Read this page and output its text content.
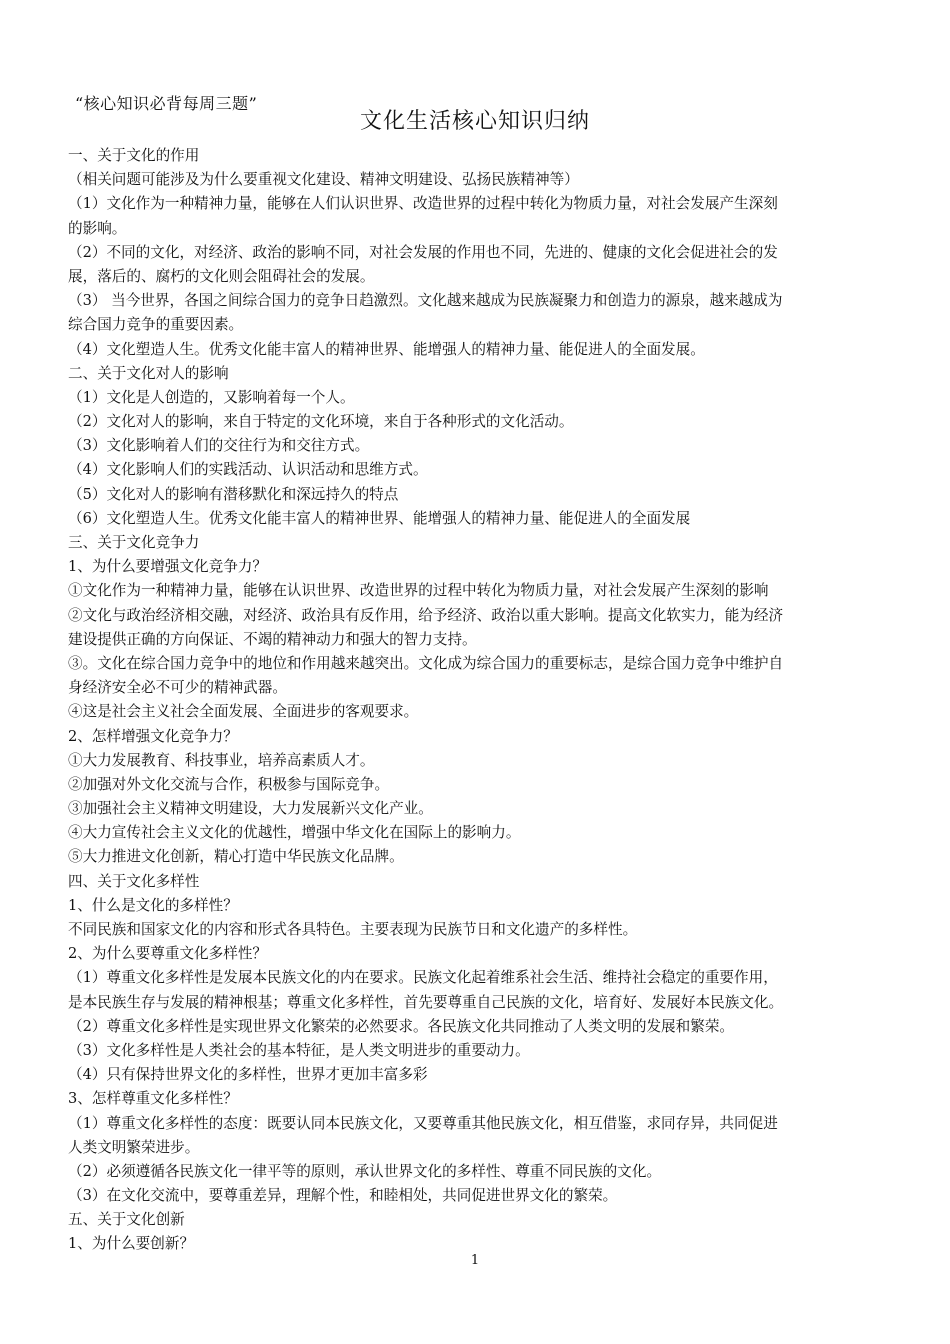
“核心知识必背每周三题”
文化生活核心知识归纳
一、关于文化的作用
（相关问题可能涉及为什么要重视文化建设、精神文明建设、弘扬民族精神等）
（1）文化作为一种精神力量，能够在人们认识世界、改造世界的过程中转化为物质力量，对社会发展产生深刻
的影响。
（2）不同的文化，对经济、政治的影响不同，对社会发展的作用也不同，先进的、健康的文化会促进社会的发
展，落后的、腐朽的文化则会阻碍社会的发展。
（3） 当今世界，各国之间综合国力的竞争日趋激烈。文化越来越成为民族凝聚力和创造力的源泉，越来越成为
综合国力竞争的重要因素。
（4）文化塑造人生。优秀文化能丰富人的精神世界、能增强人的精神力量、能促进人的全面发展。
二、关于文化对人的影响
（1）文化是人创造的，又影响着每一个人。
（2）文化对人的影响，来自于特定的文化环境，来自于各种形式的文化活动。
（3）文化影响着人们的交往行为和交往方式。
（4）文化影响人们的实践活动、认识活动和思维方式。
（5）文化对人的影响有潜移默化和深远持久的特点
（6）文化塑造人生。优秀文化能丰富人的精神世界、能增强人的精神力量、能促进人的全面发展
三、关于文化竞争力
1、为什么要增强文化竞争力？
①文化作为一种精神力量，能够在认识世界、改造世界的过程中转化为物质力量，对社会发展产生深刻的影响
②文化与政治经济相交融，对经济、政治具有反作用，给予经济、政治以重大影响。提高文化软实力，能为经济
建设提供正确的方向保证、不竭的精神动力和强大的智力支持。
③。文化在综合国力竞争中的地位和作用越来越突出。文化成为综合国力的重要标志，是综合国力竞争中维护自
身经济安全必不可少的精神武器。
④这是社会主义社会全面发展、全面进步的客观要求。
2、怎样增强文化竞争力？
①大力发展教育、科技事业，培养高素质人才。
②加强对外文化交流与合作，积极参与国际竞争。
③加强社会主义精神文明建设，大力发展新兴文化产业。
④大力宣传社会主义文化的优越性，增强中华文化在国际上的影响力。
⑤大力推进文化创新，精心打造中华民族文化品牌。
四、关于文化多样性
1、什么是文化的多样性？
不同民族和国家文化的内容和形式各具特色。主要表现为民族节日和文化遗产的多样性。
2、为什么要尊重文化多样性？
（1）尊重文化多样性是发展本民族文化的内在要求。民族文化起着维系社会生活、维持社会稳定的重要作用，
是本民族生存与发展的精神根基；尊重文化多样性，首先要尊重自己民族的文化，培育好、发展好本民族文化。
（2）尊重文化多样性是实现世界文化繁荣的必然要求。各民族文化共同推动了人类文明的发展和繁荣。
（3）文化多样性是人类社会的基本特征，是人类文明进步的重要动力。
（4）只有保持世界文化的多样性，世界才更加丰富多彩
3、怎样尊重文化多样性？
（1）尊重文化多样性的态度：既要认同本民族文化，又要尊重其他民族文化，相互借鉴，求同存异，共同促进
人类文明繁荣进步。
（2）必须遵循各民族文化一律平等的原则，承认世界文化的多样性、尊重不同民族的文化。
（3）在文化交流中，要尊重差异，理解个性，和睦相处，共同促进世界文化的繁荣。
五、关于文化创新
1、为什么要创新？
1
